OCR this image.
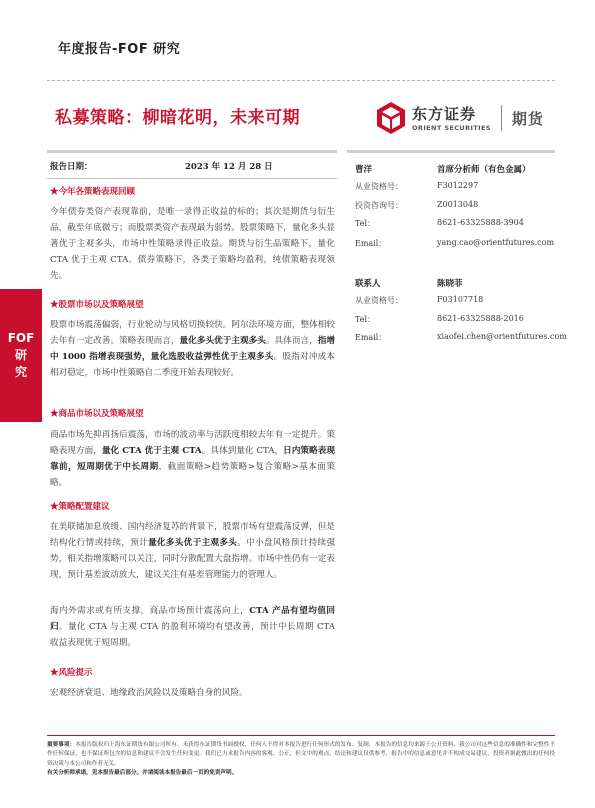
年度报告-FOF 研究
私募策略：柳暗花明，未来可期	东方证券
ORIENT SECURITIES 期货
报告日期：	2023 年 12 月 28 日
FOF
研
究
★今年各策略表现回顾
今年债券类资产表现靠前，是唯一录得正收益的标的；其次是期货与衍生品，截至年底微亏；而股票类资产表现最为弱势。股票策略下，量化多头显著优于主观多头，市场中性策略录得正收益。期货与衍生品策略下，量化 CTA 优于主观 CTA。债券策略下，各类子策略均盈利，纯债策略表现领先。
★股票市场以及策略展望
股票市场震荡偏弱，行业轮动与风格切换较快。阿尔法环境方面，整体相较去年有一定改善。策略表现而言，量化多头优于主观多头。具体而言，指增中 1000 指增表现强势，量化选股收益弹性优于主观多头。股指对冲成本相对稳定，市场中性策略自二季度开始表现较好。
★商品市场以及策略展望
商品市场先抑再扬后震荡，市场的波动率与活跃度相较去年有一定提升。策略表现方面，量化 CTA 优于主观 CTA。具体到量化 CTA，日内策略表现靠前，短周期优于中长周期，截面策略>趋势策略>复合策略>基本面策略。
★策略配置建议
在美联储加息放缓、国内经济复苏的背景下，股票市场有望震荡反弹，但是结构化行情或持续，预计量化多头优于主观多头。中小盘风格预计持续强势，相关指增策略可以关注，同时分散配置大盘指增。市场中性仍有一定表现，预计基差波动放大，建议关注有基差管理能力的管理人。
海内外需求或有所支撑，商品市场预计震荡向上，CTA 产品有望均值回归。量化 CTA 与主观 CTA 的盈利环境均有望改善，预计中长周期 CTA 收益表现优于短周期。
★风险提示
宏观经济衰退、地缘政治风险以及策略自身的风险。
曹洋	首席分析师（有色金属）
从业资格号：	F3012297
投资咨询号：	Z0013048
Tel：	8621-63325888-3904
Email：	yang.cao@orientfutures.com
联系人	陈晓菲
从业资格号：	F03107718
Tel：	8621-63325888-2016
Email：	xiaofei.chen@orientfutures.com
重要事项：本报告版权归上海东证期货有限公司所有。未获得东证期货书面授权，任何人不得对本报告进行任何形式的发布、复制。本报告的信息均来源于公开资料，我公司对这些信息的准确性和完整性不作任何保证，也不保证所包含的信息和建议不会发生任何变更。我们已力求报告内容的客观、公正，但文中的观点、结论和建议仅供参考，报告中的信息或意见并不构成交易建议，投资者据此做出的任何投资决策与本公司和作者无关。
有关分析师承诺，见本报告最后部分。并请阅读本报告最后一页的免责声明。
